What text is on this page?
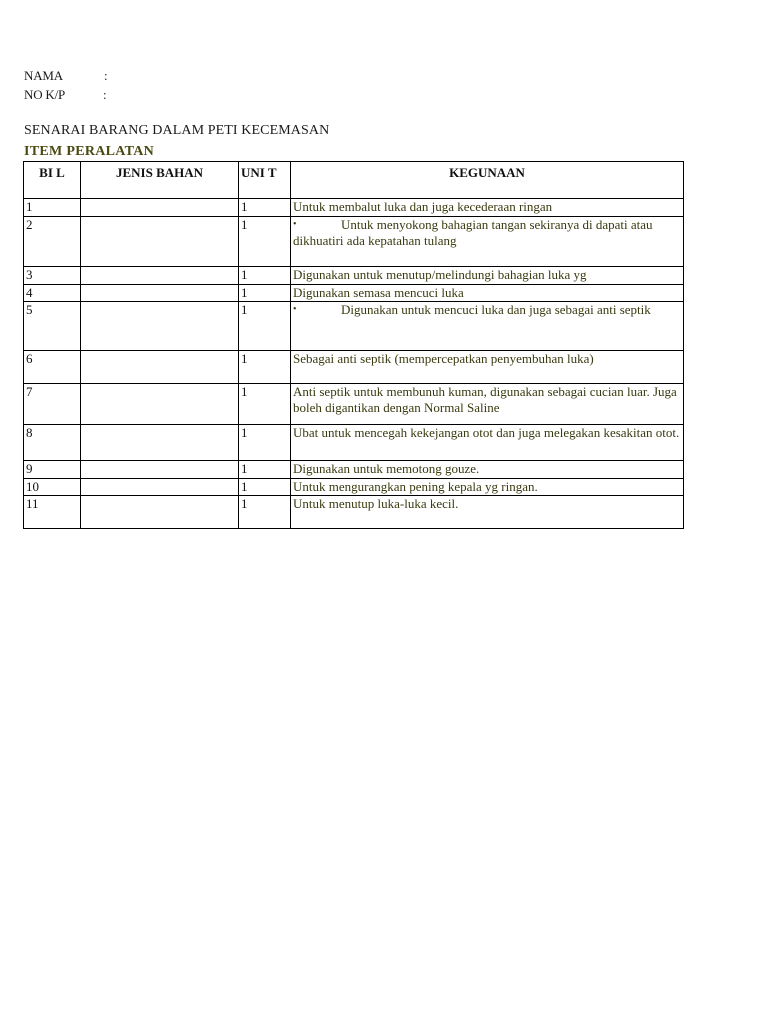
NAMA	:
NO K/P	:
SENARAI BARANG DALAM PETI KECEMASAN
ITEM PERALATAN
BI L	JENIS BAHAN	UNI T	KEGUNAAN
1		1	Untuk membalut luka dan juga kecederaan ringan

2		1	• Untuk menyokong bahagian tangan sekiranya di dapati atau dikhuatiri ada kepatahan tulang

3		1	Digunakan untuk menutup/melindungi bahagian luka yg

4		1	Digunakan semasa mencuci luka

5		1	• Digunakan untuk mencuci luka dan juga sebagai anti septik

6		1	Sebagai anti septik (mempercepatkan penyembuhan luka)

7		1	Anti septik untuk membunuh kuman, digunakan sebagai cucian luar. Juga boleh digantikan dengan Normal Saline

8		1	Ubat untuk mencegah kekejangan otot dan juga melegakan kesakitan otot.

9		1	Digunakan untuk memotong gouze.

10		1	Untuk mengurangkan pening kepala yg ringan.

11		1	Untuk menutup luka-luka kecil.
